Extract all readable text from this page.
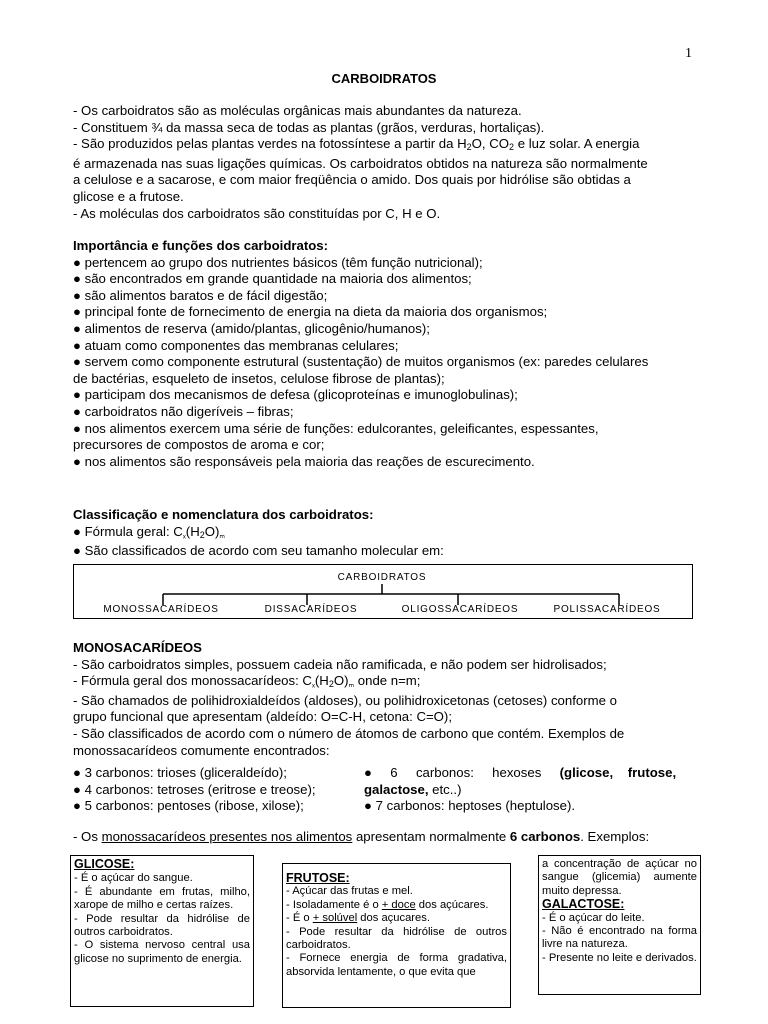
1
CARBOIDRATOS
- Os carboidratos são as moléculas orgânicas mais abundantes da natureza.
- Constituem ¾ da massa seca de todas as plantas (grãos, verduras, hortaliças).
- São produzidos pelas plantas verdes na fotossíntese a partir da $H_2O$, $CO_2$ e luz solar. A energia
é armazenada nas suas ligações químicas. Os carboidratos obtidos na natureza são normalmente
a celulose e a sacarose, e com maior freqüência o amido. Dos quais por hidrólise são obtidas a
glicose e a frutose.
- As moléculas dos carboidratos são constituídas por C, H e O.
Importância e funções dos carboidratos:
● pertencem ao grupo dos nutrientes básicos (têm função nutricional);
● são encontrados em grande quantidade na maioria dos alimentos;
● são alimentos baratos e de fácil digestão;
● principal fonte de fornecimento de energia na dieta da maioria dos organismos;
● alimentos de reserva (amido/plantas, glicogênio/humanos);
● atuam como componentes das membranas celulares;
● servem como componente estrutural (sustentação) de muitos organismos (ex: paredes celulares
de bactérias, esqueleto de insetos, celulose fibrose de plantas);
● participam dos mecanismos de defesa (glicoproteínas e imunoglobulinas);
● carboidratos não digeríveis – fibras;
● nos alimentos exercem uma série de funções: edulcorantes, geleificantes, espessantes,
precursores de compostos de aroma e cor;
● nos alimentos são responsáveis pela maioria das reações de escurecimento.
Classificação e nomenclatura dos carboidratos:
● Fórmula geral: $C_{_x}(H_2O)_{_m}$
● São classificados de acordo com seu tamanho molecular em:
CARBOIDRATOS
MONOSSACARÍDEOS	DISSACARÍDEOS	OLIGOSSACARÍDEOS	POLISSACARÍDEOS
MONOSACARÍDEOS
- São carboidratos simples, possuem cadeia não ramificada, e não podem ser hidrolisados;
- Fórmula geral dos monossacarídeos: $C_{_x}(H_2O)_{_m}$ onde n=m;
- São chamados de polihidroxialdeídos (aldoses), ou polihidroxicetonas (cetoses) conforme o
grupo funcional que apresentam (aldeído: O=C-H, cetona: C=O);
- São classificados de acordo com o número de átomos de carbono que contém. Exemplos de
monossacarídeos comumente encontrados:
● 3 carbonos: trioses (gliceraldeído);
● 4 carbonos: tetroses (eritrose e treose);
● 5 carbonos: pentoses (ribose, xilose);
●     6     carbonos:     hexoses     (glicose,    frutose,
galactose, etc..)
● 7 carbonos: heptoses (heptulose).
- Os monossacarídeos presentes nos alimentos apresentam normalmente 6 carbonos. Exemplos:
GLICOSE:
- É o açúcar do sangue.
- É abundante em frutas, milho, xarope de milho e certas raízes.
- Pode resultar da hidrólise de outros carboidratos.
- O sistema nervoso central usa glicose no suprimento de energia.
FRUTOSE:
- Açúcar das frutas e mel.
- Isoladamente é o + doce dos açúcares.
- É o + solúvel dos açucares.
- Pode resultar da hidrólise de outros carboidratos.
- Fornece energia de forma gradativa, absorvida lentamente, o que evita que
a concentração de açúcar no sangue (glicemia) aumente muito depressa.
GALACTOSE:
- É o açúcar do leite.
- Não é encontrado na forma livre na natureza.
- Presente no leite e derivados.
